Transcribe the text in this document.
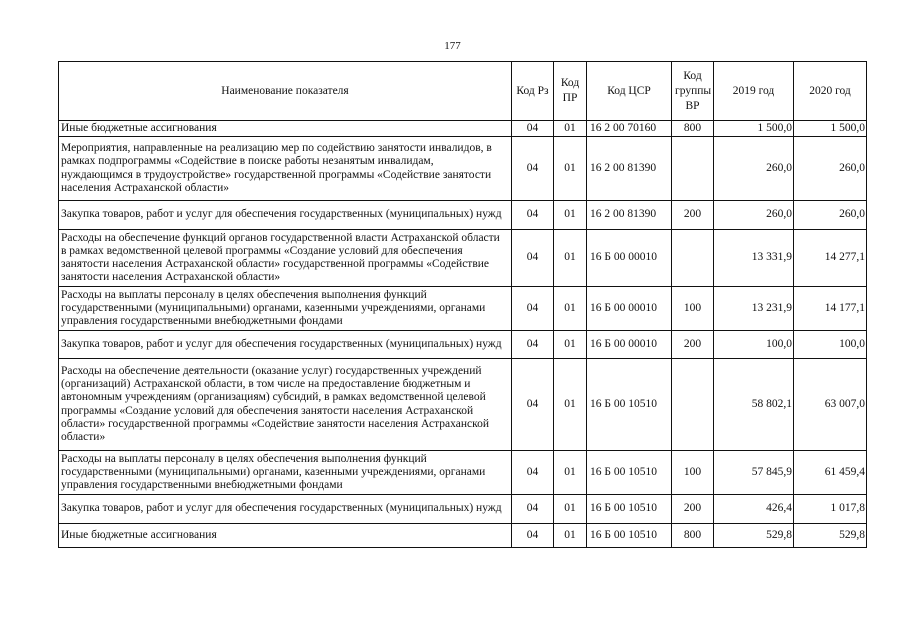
177
Наименование показателя	Код Рз	Код ПР	Код ЦСР	Код группы ВР	2019 год	2020 год
Иные бюджетные ассигнования	04	01	16 2 00 70160	800	1 500,0	1 500,0
Мероприятия, направленные на реализацию мер по содействию занятости инвалидов, в рамках подпрограммы «Содействие в поиске работы незанятым инвалидам, нуждающимся в трудоустройстве» государственной программы «Содействие занятости населения Астраханской области»	04	01	16 2 00 81390		260,0	260,0
Закупка товаров, работ и услуг для обеспечения государственных (муниципальных) нужд	04	01	16 2 00 81390	200	260,0	260,0
Расходы на обеспечение функций органов государственной власти Астраханской области в рамках ведомственной целевой программы «Создание условий для обеспечения занятости населения Астраханской области» государственной программы «Содействие занятости населения Астраханской области»	04	01	16 Б 00 00010		13 331,9	14 277,1
Расходы на выплаты персоналу в целях обеспечения выполнения функций государственными (муниципальными) органами, казенными учреждениями, органами управления государственными внебюджетными фондами	04	01	16 Б 00 00010	100	13 231,9	14 177,1
Закупка товаров, работ и услуг для обеспечения государственных (муниципальных) нужд	04	01	16 Б 00 00010	200	100,0	100,0
Расходы на обеспечение деятельности (оказание услуг) государственных учреждений (организаций) Астраханской области, в том числе на предоставление бюджетным и автономным учреждениям (организациям) субсидий, в рамках ведомственной целевой программы «Создание условий для обеспечения занятости населения Астраханской области» государственной программы «Содействие занятости населения Астраханской области»	04	01	16 Б 00 10510		58 802,1	63 007,0
Расходы на выплаты персоналу в целях обеспечения выполнения функций государственными (муниципальными) органами, казенными учреждениями, органами управления государственными внебюджетными фондами	04	01	16 Б 00 10510	100	57 845,9	61 459,4
Закупка товаров, работ и услуг для обеспечения государственных (муниципальных) нужд	04	01	16 Б 00 10510	200	426,4	1 017,8
Иные бюджетные ассигнования	04	01	16 Б 00 10510	800	529,8	529,8
